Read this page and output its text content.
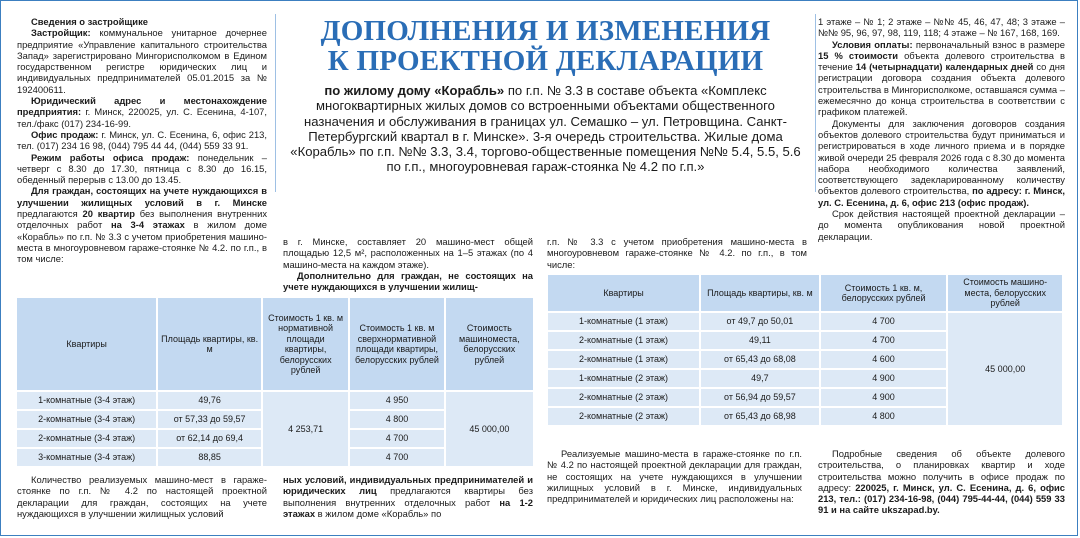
ДОПОЛНЕНИЯ И ИЗМЕНЕНИЯ
К ПРОЕКТНОЙ ДЕКЛАРАЦИИ
по жилому дому «Корабль» по г.п. № 3.3 в составе объекта «Комплекс многоквартирных жилых домов со встроенными объектами общественного назначения и обслуживания в границах ул. Семашко – ул. Петровщина. Санкт-Петербургский квартал в г. Минске». 3-я очередь строительства. Жилые дома «Корабль» по г.п. №№ 3.3, 3.4, торгово-общественные помещения №№ 5.4, 5.5, 5.6 по г.п., многоуровневая гараж-стоянка № 4.2 по г.п.»

Сведения о застройщике

Застройщик: коммунальное унитарное дочернее предприятие «Управление капитального строительства Запад» зарегистрировано Мингорисполкомом в Едином государственном регистре юридических лиц и индивидуальных предпринимателей 05.01.2015 за № 192400611.

Юридический адрес и местонахождение предприятия: г. Минск, 220025, ул. С. Есенина, 4-107, тел./факс (017) 234-16-99.

Офис продаж: г. Минск, ул. С. Есенина, 6, офис 213, тел. (017) 234 16 98, (044) 795 44 44, (044) 559 33 91.

Режим работы офиса продаж: понедельник – четверг с 8.30 до 17.30, пятница с 8.30 до 16.15, обеденный перерыв с 13.00 до 13.45.

Для граждан, состоящих на учете нуждающихся в улучшении жилищных условий в г. Минске предлагаются 20 квартир без выполнения внутренних отделочных работ на 3-4 этажах в жилом доме «Корабль» по г.п. № 3.3 с учетом приобретения машино-места в многоуровневом гараже-стоянке № 4.2. по г.п., в том числе:

в г. Минске, составляет 20 машино-мест общей площадью 12,5 м², расположенных на 1–5 этажах (по 4 машино-места на каждом этаже).

Дополнительно для граждан, не состоящих на учете нуждающихся в улучшении жилищ-

Квартиры	Площадь квартиры, кв. м	Стоимость 1 кв. м нормативной площади квартиры, белорусских рублей	Стоимость 1 кв. м сверхнормативной площади квартиры, белорусских рублей	Стоимость машиноместа, белорусских рублей
1-комнатные (3-4 этаж)	49,76	4 253,71	4 950	45 000,00
2-комнатные (3-4 этаж)	от 57,33 до 59,57		4 800	
2-комнатные (3-4 этаж)	от 62,14 до 69,4		4 700	
3-комнатные (3-4 этаж)	88,85		4 700	

Количество реализуемых машино-мест в гараже-стоянке по г.п. № 4.2 по настоящей проектной декларации для граждан, состоящих на учете нуждающихся в улучшении жилищных условий

ных условий, индивидуальных предпринимателей и юридических лиц предлагаются квартиры без выполнения внутренних отделочных работ на 1-2 этажах в жилом доме «Корабль» по

г.п. № 3.3 с учетом приобретения машино-места в многоуровневом гараже-стоянке № 4.2. по г.п., в том числе:

Квартиры	Площадь квартиры, кв. м	Стоимость 1 кв. м, белорусских рублей	Стоимость машино-места, белорусских рублей
1-комнатные (1 этаж)	от 49,7 до 50,01	4 700	45 000,00
2-комнатные (1 этаж)	49,11	4 700	
2-комнатные (1 этаж)	от 65,43 до 68,08	4 600	
1-комнатные (2 этаж)	49,7	4 900	
2-комнатные (2 этаж)	от 56,94 до 59,57	4 900	
2-комнатные (2 этаж)	от 65,43 до 68,98	4 800	

Реализуемые машино-места в гараже-стоянке по г.п. № 4.2 по настоящей проектной декларации для граждан, не состоящих на учете нуждающихся в улучшении жилищных условий в г. Минске, индивидуальных предпринимателей и юридических лиц расположены на:

1 этаже – № 1; 2 этаже – №№ 45, 46, 47, 48; 3 этаже – №№ 95, 96, 97, 98, 119, 118; 4 этаже – № 167, 168, 169.

Условия оплаты: первоначальный взнос в размере 15 % стоимости объекта долевого строительства в течение 14 (четырнадцати) календарных дней со дня регистрации договора создания объекта долевого строительства в Мингорисполкоме, оставшаяся сумма – ежемесячно до конца строительства в соответствии с графиком платежей.

Документы для заключения договоров создания объектов долевого строительства будут приниматься и регистрироваться в ходе личного приема и в порядке живой очереди 25 февраля 2026 года с 8.30 до момента набора необходимого количества заявлений, соответствующего задекларированному количеству объектов долевого строительства, по адресу: г. Минск, ул. С. Есенина, д. 6, офис 213 (офис продаж).

Срок действия настоящей проектной декларации – до момента опубликования новой проектной декларации.

Подробные сведения об объекте долевого строительства, о планировках квартир и ходе строительства можно получить в офисе продаж по адресу: 220025, г. Минск, ул. С. Есенина, д. 6, офис 213, тел.: (017) 234-16-98, (044) 795-44-44, (044) 559 33 91 и на сайте ukszapad.by.
